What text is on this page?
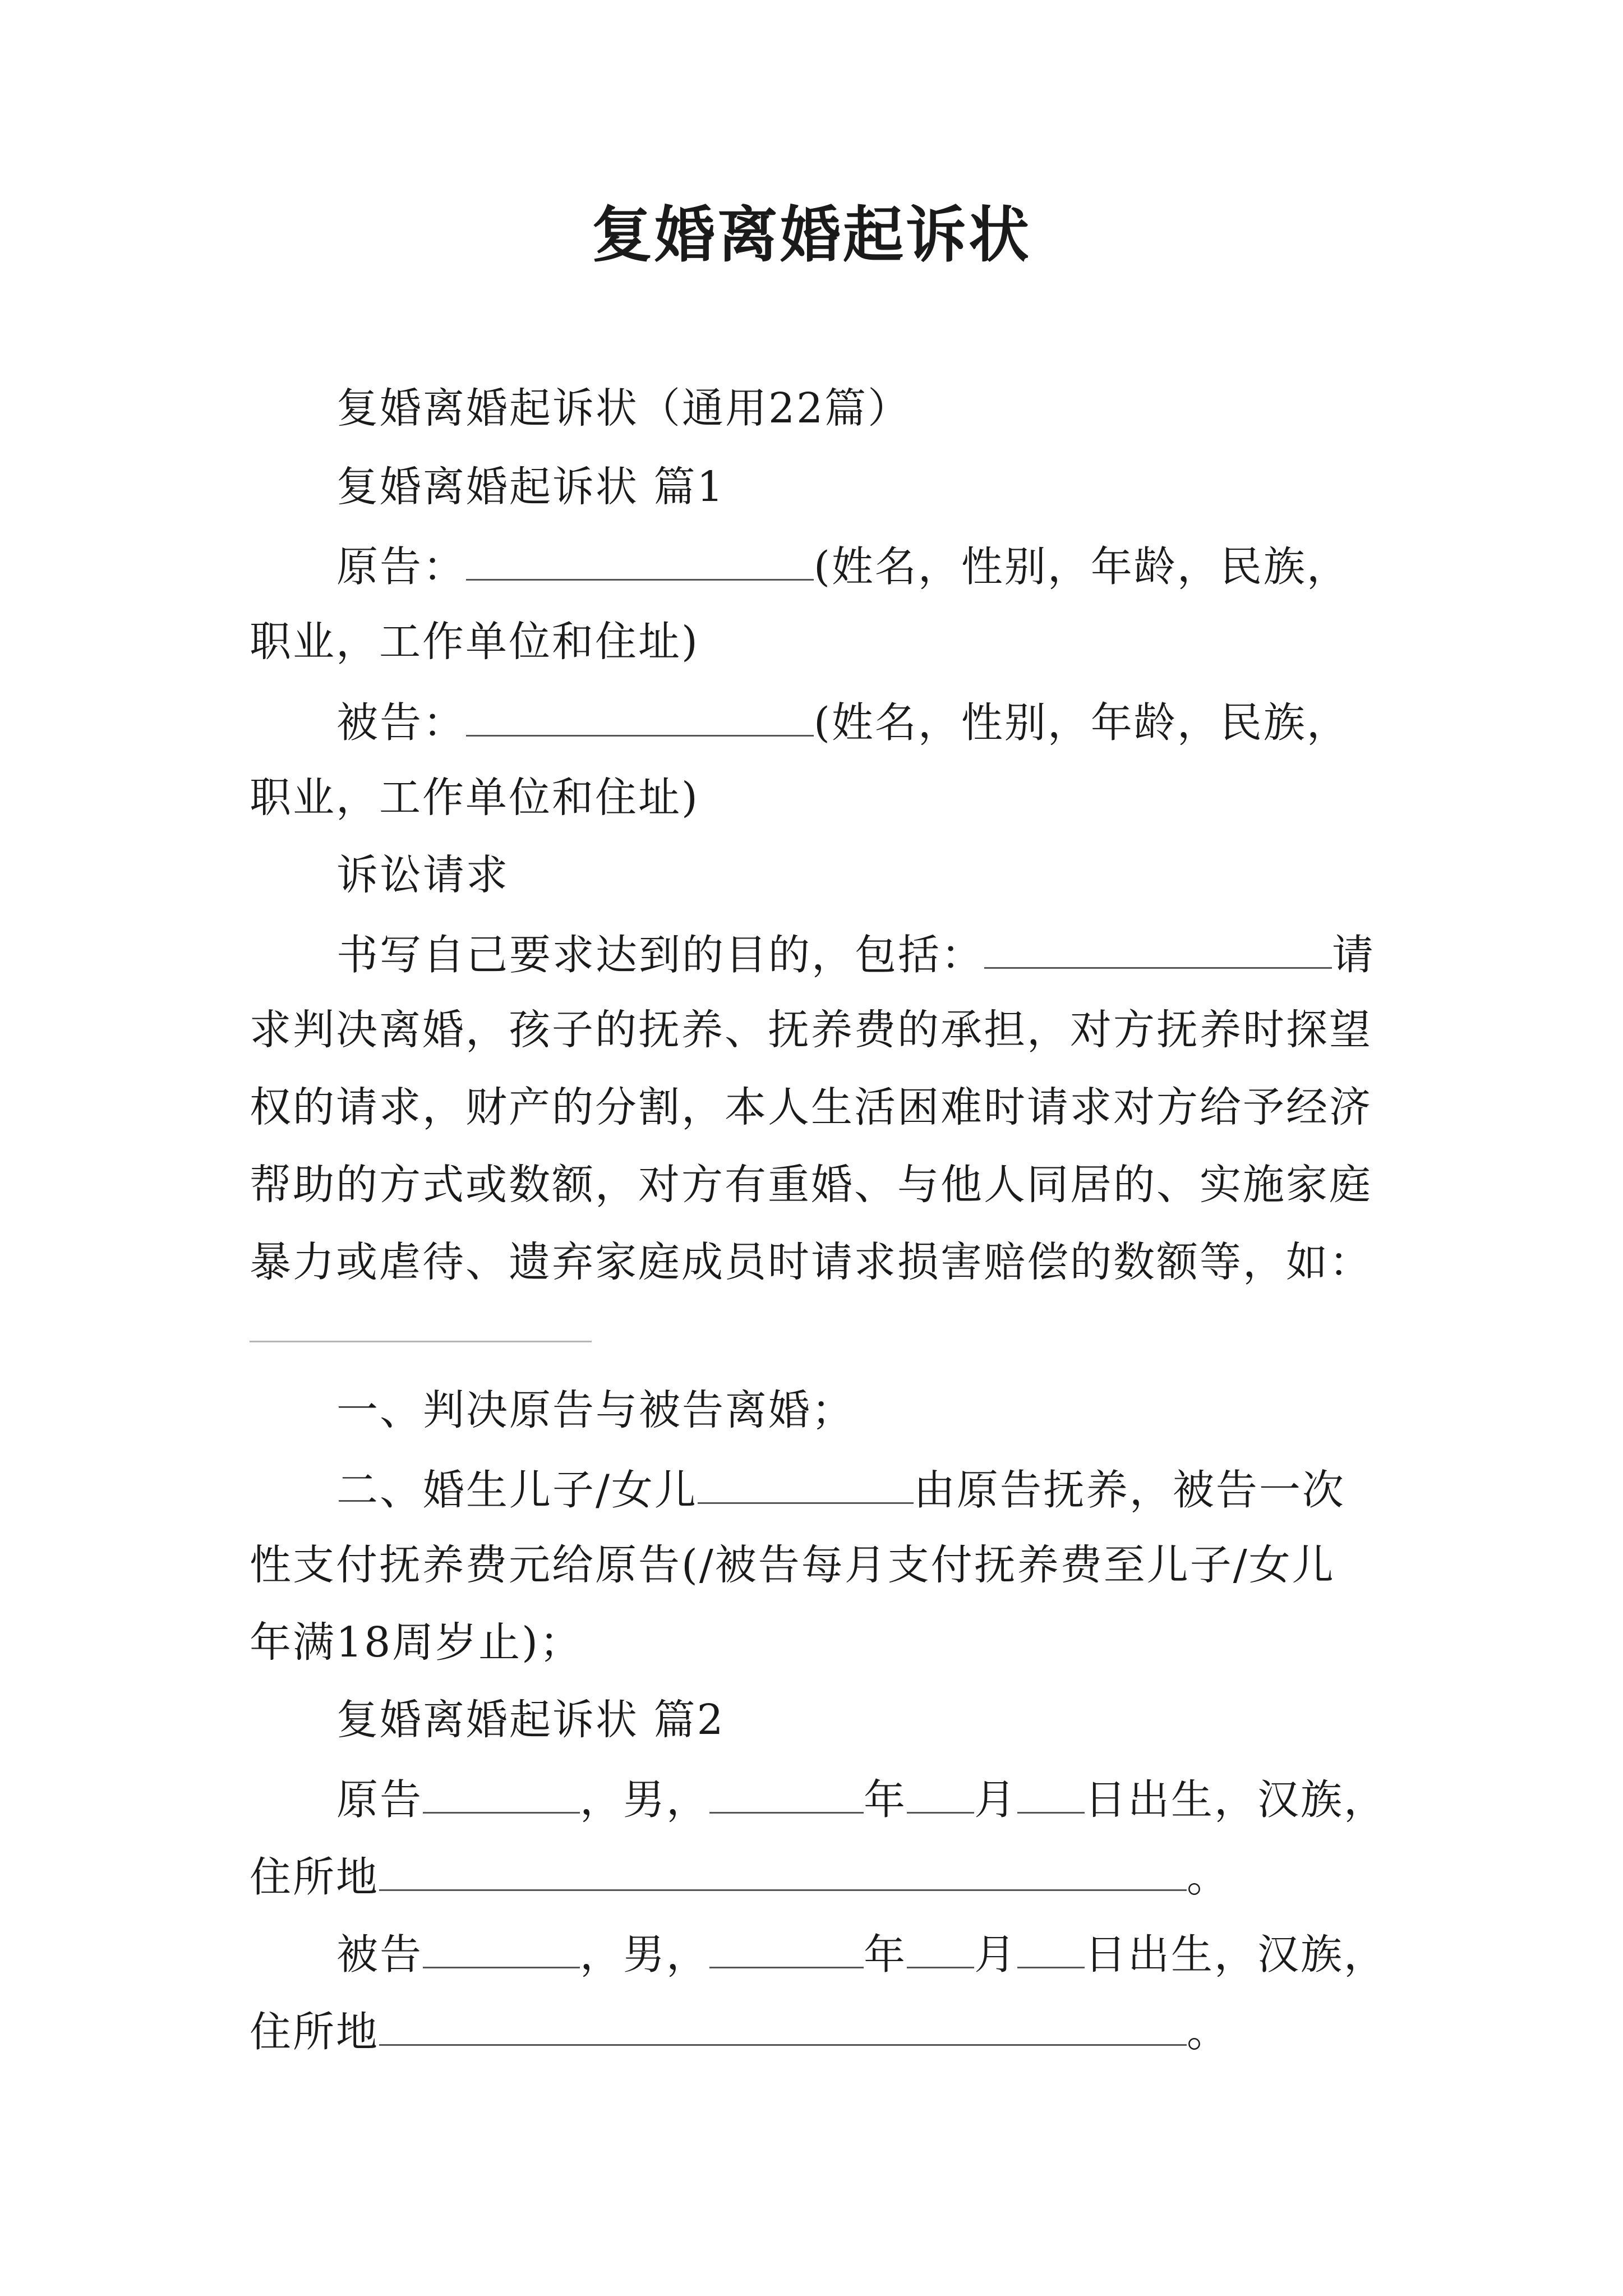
复婚离婚起诉状
复婚离婚起诉状（通用22篇）
复婚离婚起诉状 篇1
原告：	(姓名，性别，年龄，民族，
职业，工作单位和住址)
被告：	(姓名，性别，年龄，民族，
职业，工作单位和住址)
诉讼请求
书写自己要求达到的目的，包括：	请
求判决离婚，孩子的抚养、抚养费的承担，对方抚养时探望
权的请求，财产的分割，本人生活困难时请求对方给予经济
帮助的方式或数额，对方有重婚、与他人同居的、实施家庭
暴力或虐待、遗弃家庭成员时请求损害赔偿的数额等，如：
一、判决原告与被告离婚；
二、婚生儿子/女儿	由原告抚养，被告一次
性支付抚养费元给原告(/被告每月支付抚养费至儿子/女儿
年满18周岁止)；
复婚离婚起诉状 篇2
原告	，男，	年 月 日出生，汉族，
住所地	。
被告	，男，	年 月 日出生，汉族，
住所地	。
